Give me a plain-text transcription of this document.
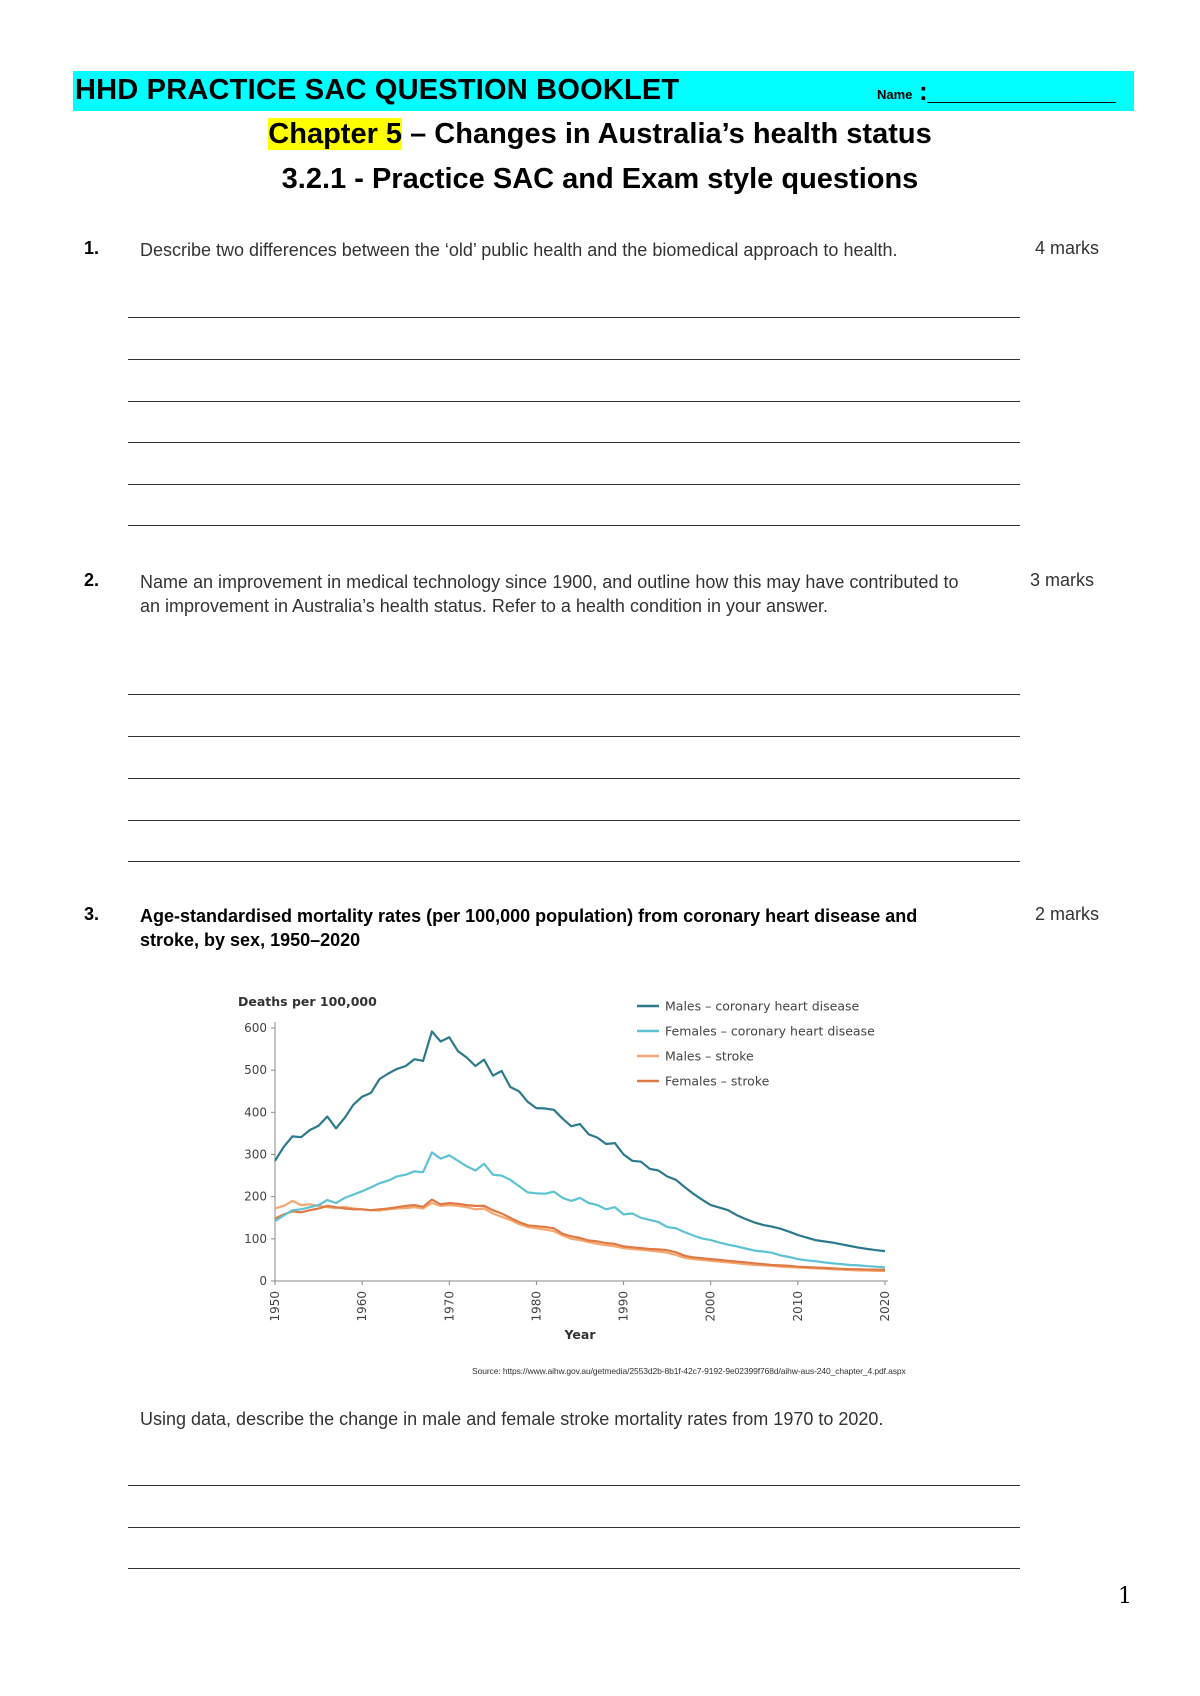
HHD PRACTICE SAC QUESTION BOOKLET	Name :_____________
Chapter 5 – Changes in Australia’s health status
3.2.1 - Practice SAC and Exam style questions
1. Describe two differences between the ‘old’ public health and the biomedical approach to health.	4 marks
2. Name an improvement in medical technology since 1900, and outline how this may have contributed to an improvement in Australia’s health status. Refer to a health condition in your answer.
3 marks
3. Age-standardised mortality rates (per 100,000 population) from coronary heart disease and stroke, by sex, 1950–2020
2 marks
Deaths per 100,000
0
100
200
300
400
500
600
1950	1960	1970	1980	1990	2000	2010	2020
Year
Males – coronary heart disease
Females – coronary heart disease
Males – stroke
Females – stroke
Source: https://www.aihw.gov.au/getmedia/2553d2b-8b1f-42c7-9192-9e02399f768d/aihw-aus-240_chapter_4.pdf.aspx
Using data, describe the change in male and female stroke mortality rates from 1970 to 2020.
1
